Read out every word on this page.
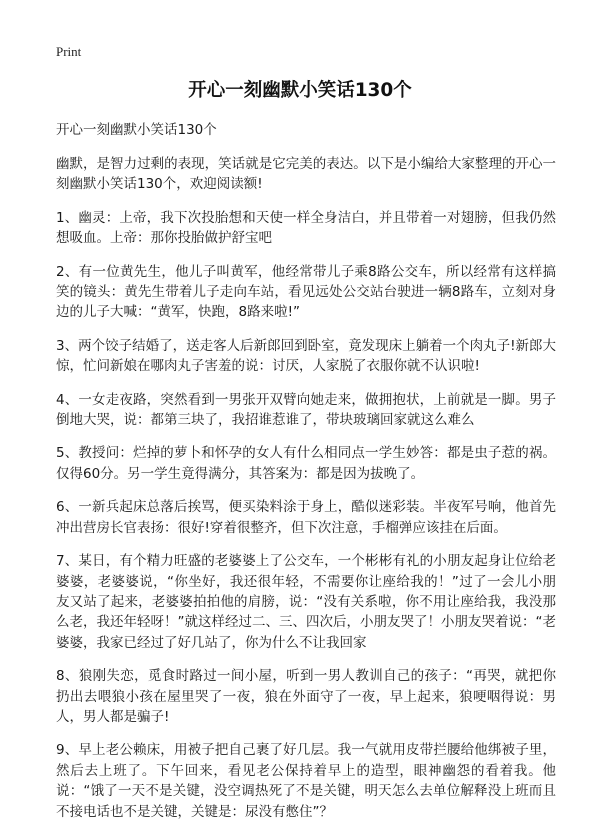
Print
开心一刻幽默小笑话130个

开心一刻幽默小笑话130个

幽默，是智力过剩的表现，笑话就是它完美的表达。以下是小编给大家整理的开心一刻幽默小笑话130个，欢迎阅读额!

1、幽灵：上帝，我下次投胎想和天使一样全身洁白，并且带着一对翅膀，但我仍然想吸血。上帝：那你投胎做护舒宝吧

2、有一位黄先生，他儿子叫黄军，他经常带儿子乘8路公交车，所以经常有这样搞笑的镜头：黄先生带着儿子走向车站，看见远处公交站台驶进一辆8路车，立刻对身边的儿子大喊：“黄军，快跑，8路来啦!”

3、两个饺子结婚了，送走客人后新郎回到卧室，竟发现床上躺着一个肉丸子!新郎大惊，忙问新娘在哪肉丸子害羞的说：讨厌，人家脱了衣服你就不认识啦!

4、一女走夜路，突然看到一男张开双臂向她走来，做拥抱状，上前就是一脚。男子倒地大哭，说：都第三块了，我招谁惹谁了，带块玻璃回家就这么难么

5、教授问：烂掉的萝卜和怀孕的女人有什么相同点一学生妙答：都是虫子惹的祸。仅得60分。另一学生竟得满分，其答案为：都是因为拔晚了。

6、一新兵起床总落后挨骂，便买染料涂于身上，酷似迷彩装。半夜军号响，他首先冲出营房长官表扬：很好!穿着很整齐，但下次注意，手榴弹应该挂在后面。

7、某日，有个精力旺盛的老婆婆上了公交车，一个彬彬有礼的小朋友起身让位给老婆婆，老婆婆说，“你坐好，我还很年轻，不需要你让座给我的！”过了一会儿小朋 友又站了起来，老婆婆拍拍他的肩膀，说：“没有关系啦，你不用让座给我，我没那么老，我还年轻呀！”就这样经过二、三、四次后，小朋友哭了！小朋友哭着说：“老婆婆，我家已经过了好几站了，你为什么不让我回家

8、狼刚失恋，觅食时路过一间小屋，听到一男人教训自己的孩子：“再哭，就把你扔出去喂狼小孩在屋里哭了一夜，狼在外面守了一夜，早上起来，狼哽咽得说：男人，男人都是骗子!

9、早上老公赖床，用被子把自己裹了好几层。我一气就用皮带拦腰给他绑被子里，然后去上班了。下午回来，看见老公保持着早上的造型，眼神幽怨的看着我。他说：“饿了一天不是关键，没空调热死了不是关键，明天怎么去单位解释没上班而且不接电话也不是关键，关键是：尿没有憋住”？
